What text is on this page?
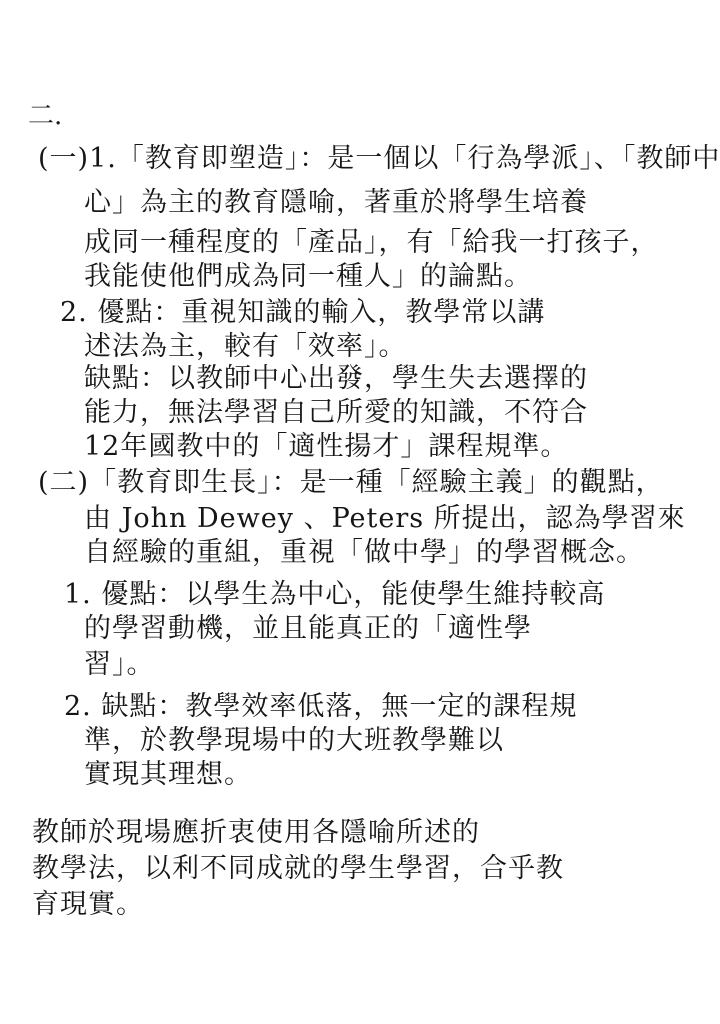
二.
(一)1.「教育即塑造」：是一個以「行為學派」、「教師中
心」為主的教育隱喻，著重於將學生培養
成同一種程度的「產品」，有「給我一打孩子，
我能使他們成為同一種人」的論點。
2. 優點：重視知識的輸入，教學常以講
述法為主，較有「效率」。
缺點：以教師中心出發，學生失去選擇的
能力，無法學習自己所愛的知識，不符合
12年國教中的「適性揚才」課程規準。
(二)「教育即生長」：是一種「經驗主義」的觀點，
由 John Dewey 、Peters 所提出，認為學習來
自經驗的重組，重視「做中學」的學習概念。
1. 優點：以學生為中心，能使學生維持較高
的學習動機，並且能真正的「適性學
習」。
2. 缺點：教學效率低落，無一定的課程規
準，於教學現場中的大班教學難以
實現其理想。
教師於現場應折衷使用各隱喻所述的
教學法，以利不同成就的學生學習，合乎教
育現實。
